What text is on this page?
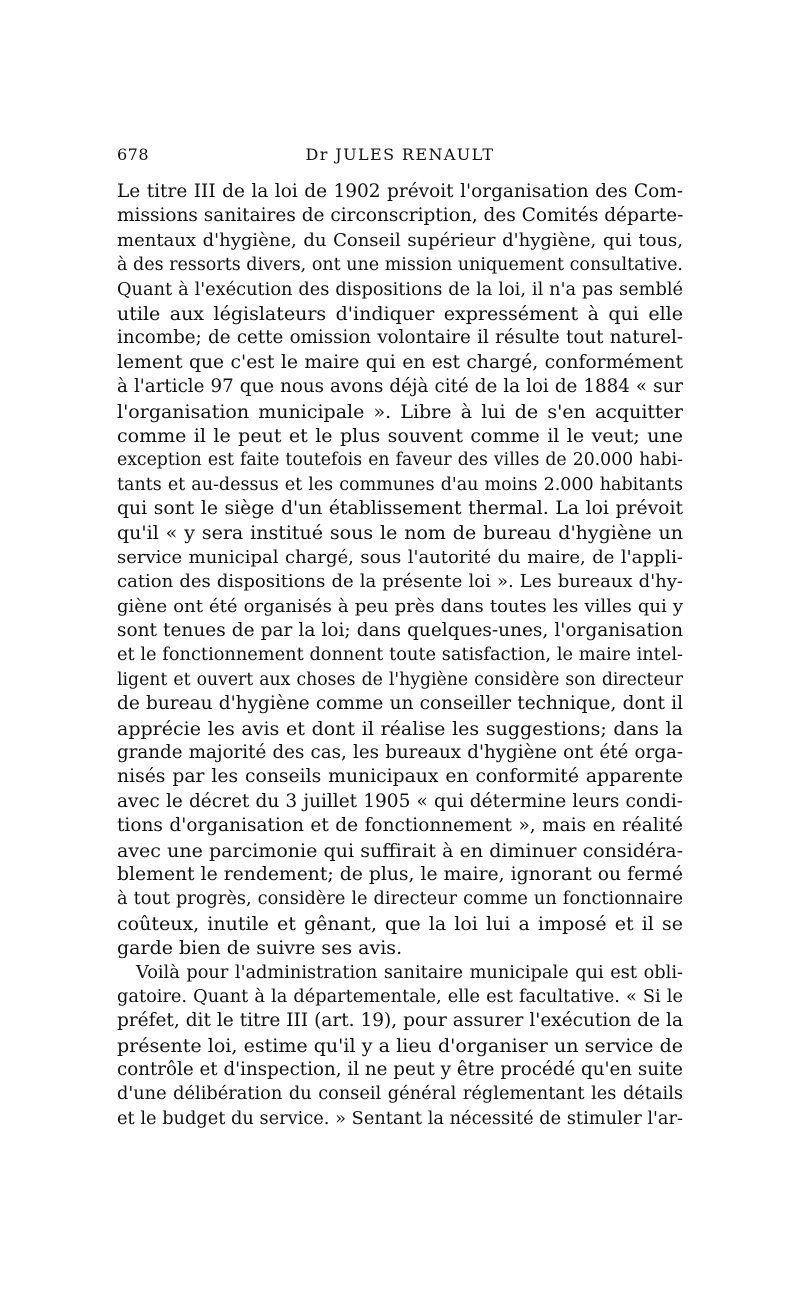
678	Dr JULES RENAULT
Le titre III de la loi de 1902 prévoit l'organisation des Com-
missions sanitaires de circonscription, des Comités départe-
mentaux d'hygiène, du Conseil supérieur d'hygiène, qui tous,
à des ressorts divers, ont une mission uniquement consultative.
Quant à l'exécution des dispositions de la loi, il n'a pas semblé
utile aux législateurs d'indiquer expressément à qui elle
incombe; de cette omission volontaire il résulte tout naturel-
lement que c'est le maire qui en est chargé, conformément
à l'article 97 que nous avons déjà cité de la loi de 1884 « sur
l'organisation municipale ». Libre à lui de s'en acquitter
comme il le peut et le plus souvent comme il le veut; une
exception est faite toutefois en faveur des villes de 20.000 habi-
tants et au-dessus et les communes d'au moins 2.000 habitants
qui sont le siège d'un établissement thermal. La loi prévoit
qu'il « y sera institué sous le nom de bureau d'hygiène un
service municipal chargé, sous l'autorité du maire, de l'appli-
cation des dispositions de la présente loi ». Les bureaux d'hy-
giène ont été organisés à peu près dans toutes les villes qui y
sont tenues de par la loi; dans quelques-unes, l'organisation
et le fonctionnement donnent toute satisfaction, le maire intel-
ligent et ouvert aux choses de l'hygiène considère son directeur
de bureau d'hygiène comme un conseiller technique, dont il
apprécie les avis et dont il réalise les suggestions; dans la
grande majorité des cas, les bureaux d'hygiène ont été orga-
nisés par les conseils municipaux en conformité apparente
avec le décret du 3 juillet 1905 « qui détermine leurs condi-
tions d'organisation et de fonctionnement », mais en réalité
avec une parcimonie qui suffirait à en diminuer considéra-
blement le rendement; de plus, le maire, ignorant ou fermé
à tout progrès, considère le directeur comme un fonctionnaire
coûteux, inutile et gênant, que la loi lui a imposé et il se
garde bien de suivre ses avis.
Voilà pour l'administration sanitaire municipale qui est obli-
gatoire. Quant à la départementale, elle est facultative. « Si le
préfet, dit le titre III (art. 19), pour assurer l'exécution de la
présente loi, estime qu'il y a lieu d'organiser un service de
contrôle et d'inspection, il ne peut y être procédé qu'en suite
d'une délibération du conseil général réglementant les détails
et le budget du service. » Sentant la nécessité de stimuler l'ar-
